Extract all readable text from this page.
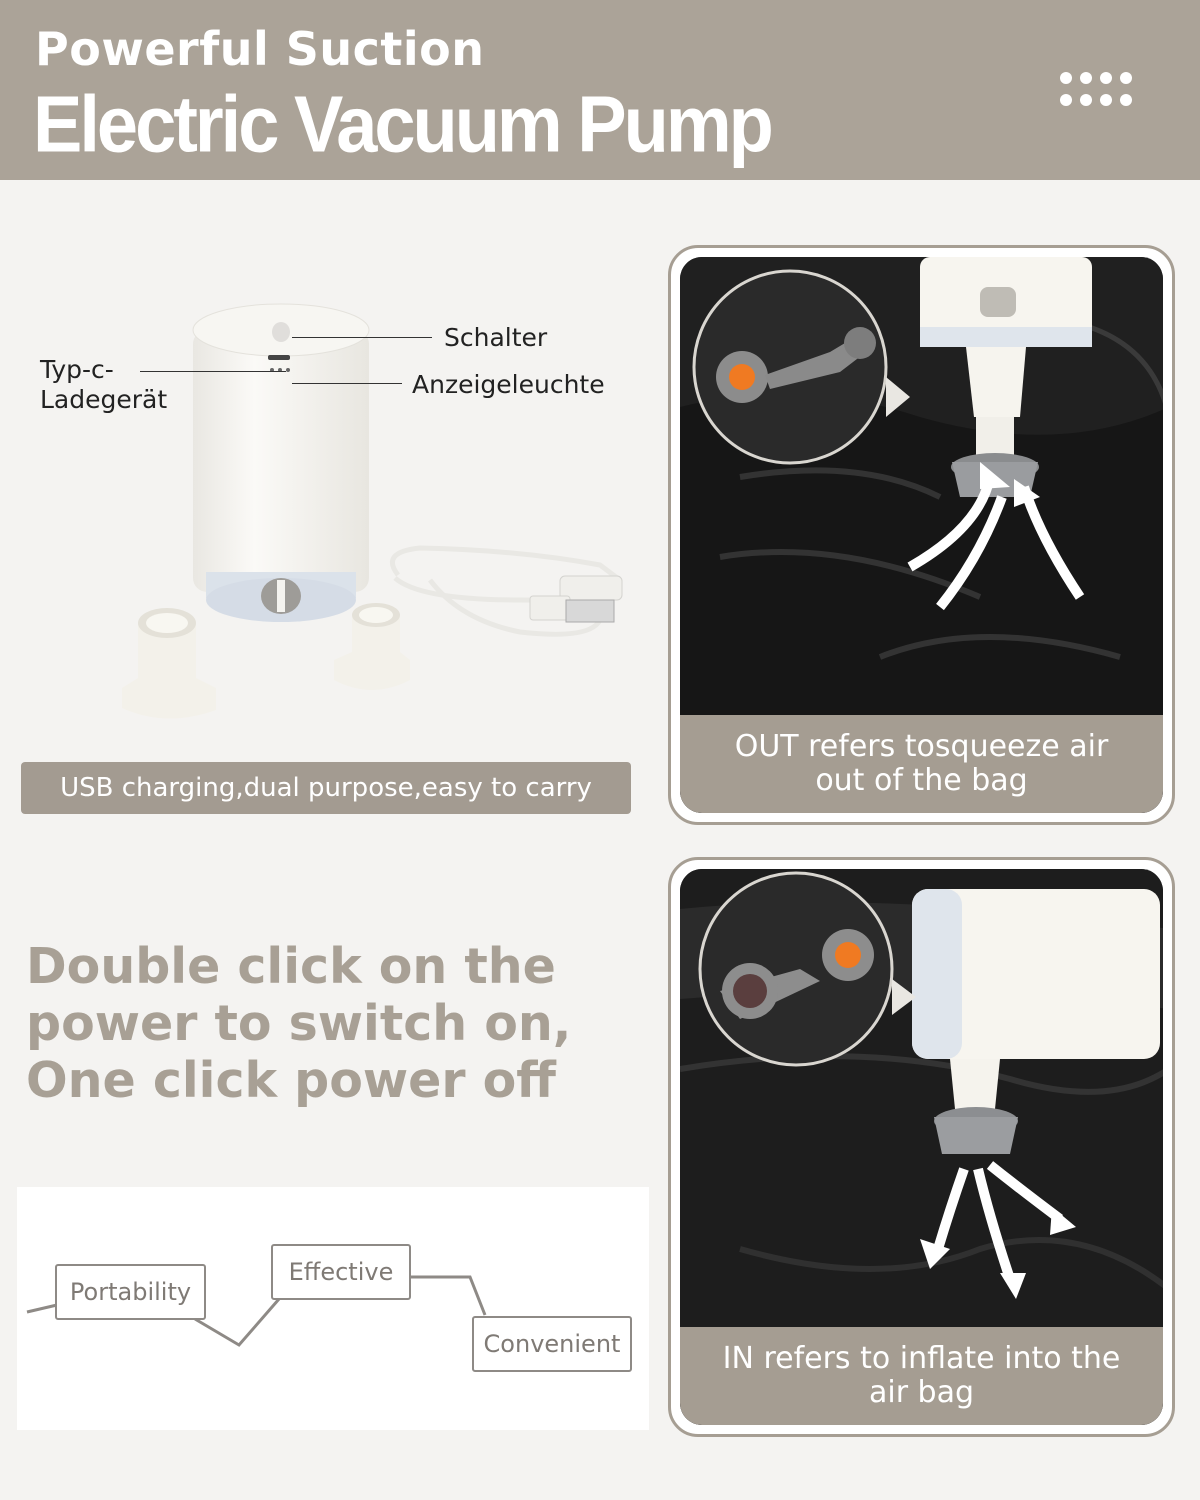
Powerful Suction
Electric Vacuum Pump
Schalter
Typ-c-
Ladegerät
Anzeigeleuchte
USB charging,dual purpose,easy to carry
Double click on the
power to switch on,
One click power off
Portability
Effective
Convenient
OUT refers tosqueeze air
out of the bag
IN refers to inflate into the
air bag
